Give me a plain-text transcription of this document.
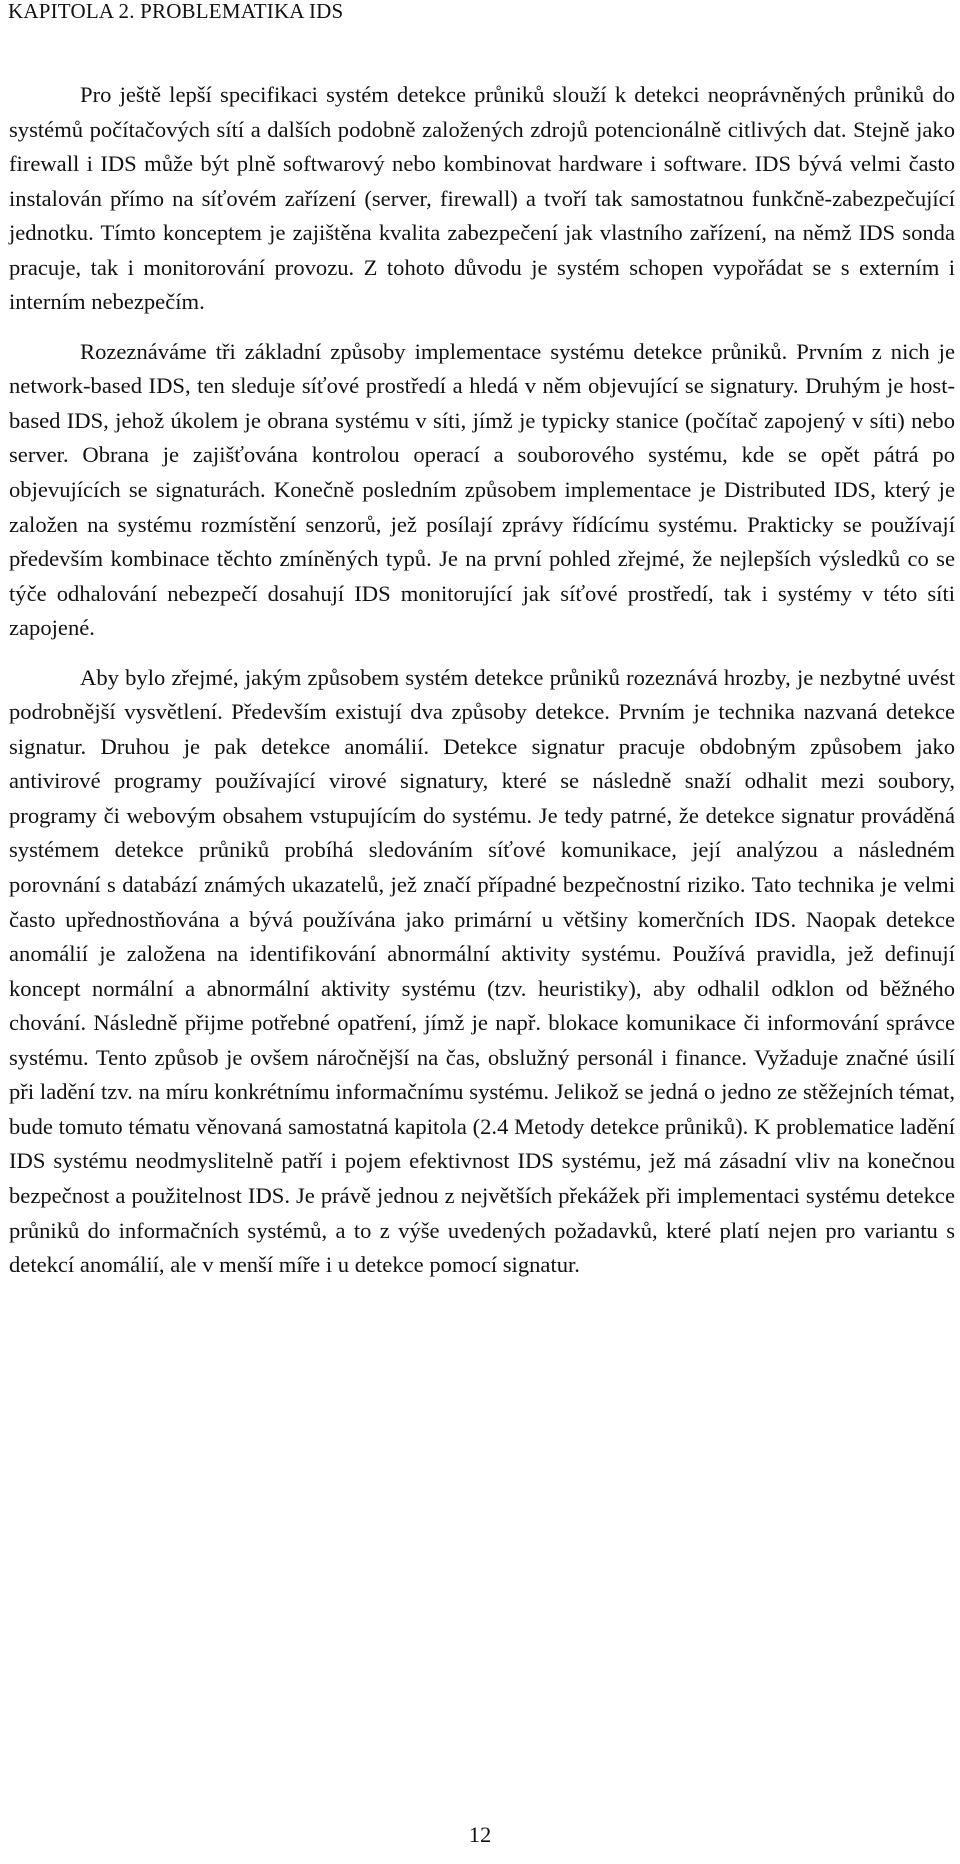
KAPITOLA 2. PROBLEMATIKA IDS

Pro ještě lepší specifikaci systém detekce průniků slouží k detekci neoprávněných průniků do systémů počítačových sítí a dalších podobně založených zdrojů potencionálně citlivých dat. Stejně jako firewall i IDS může být plně softwarový nebo kombinovat hardware i software. IDS bývá velmi často instalován přímo na síťovém zařízení (server, firewall) a tvoří tak samostatnou funkčně-zabezpečující jednotku. Tímto konceptem je zajištěna kvalita zabezpečení jak vlastního zařízení, na němž IDS sonda pracuje, tak i monitorování provozu. Z tohoto důvodu je systém schopen vypořádat se s externím i interním nebezpečím.

Rozeznáváme tři základní způsoby implementace systému detekce průniků. Prvním z nich je network-based IDS, ten sleduje síťové prostředí a hledá v něm objevující se signatury. Druhým je host-based IDS, jehož úkolem je obrana systému v síti, jímž je typicky stanice (počítač zapojený v síti) nebo server. Obrana je zajišťována kontrolou operací a souborového systému, kde se opět pátrá po objevujících se signaturách. Konečně posledním způsobem implementace je Distributed IDS, který je založen na systému rozmístění senzorů, jež posílají zprávy řídícímu systému. Prakticky se používají především kombinace těchto zmíněných typů. Je na první pohled zřejmé, že nejlepších výsledků co se týče odhalování nebezpečí dosahují IDS monitorující jak síťové prostředí, tak i systémy v této síti zapojené.

Aby bylo zřejmé, jakým způsobem systém detekce průniků rozeznává hrozby, je nezbytné uvést podrobnější vysvětlení. Především existují dva způsoby detekce. Prvním je technika nazvaná detekce signatur. Druhou je pak detekce anomálií. Detekce signatur pracuje obdobným způsobem jako antivirové programy používající virové signatury, které se následně snaží odhalit mezi soubory, programy či webovým obsahem vstupujícím do systému. Je tedy patrné, že detekce signatur prováděná systémem detekce průniků probíhá sledováním síťové komunikace, její analýzou a následném porovnání s databází známých ukazatelů, jež značí případné bezpečnostní riziko. Tato technika je velmi často upřednostňována a bývá používána jako primární u většiny komerčních IDS. Naopak detekce anomálií je založena na identifikování abnormální aktivity systému. Používá pravidla, jež definují koncept normální a abnormální aktivity systému (tzv. heuristiky), aby odhalil odklon od běžného chování. Následně přijme potřebné opatření, jímž je např. blokace komunikace či informování správce systému. Tento způsob je ovšem náročnější na čas, obslužný personál i finance. Vyžaduje značné úsilí při ladění tzv. na míru konkrétnímu informačnímu systému. Jelikož se jedná o jedno ze stěžejních témat, bude tomuto tématu věnovaná samostatná kapitola (2.4 Metody detekce průniků). K problematice ladění IDS systému neodmyslitelně patří i pojem efektivnost IDS systému, jež má zásadní vliv na konečnou bezpečnost a použitelnost IDS. Je právě jednou z největších překážek při implementaci systému detekce průniků do informačních systémů, a to z výše uvedených požadavků, které platí nejen pro variantu s detekcí anomálií, ale v menší míře i u detekce pomocí signatur.

12
